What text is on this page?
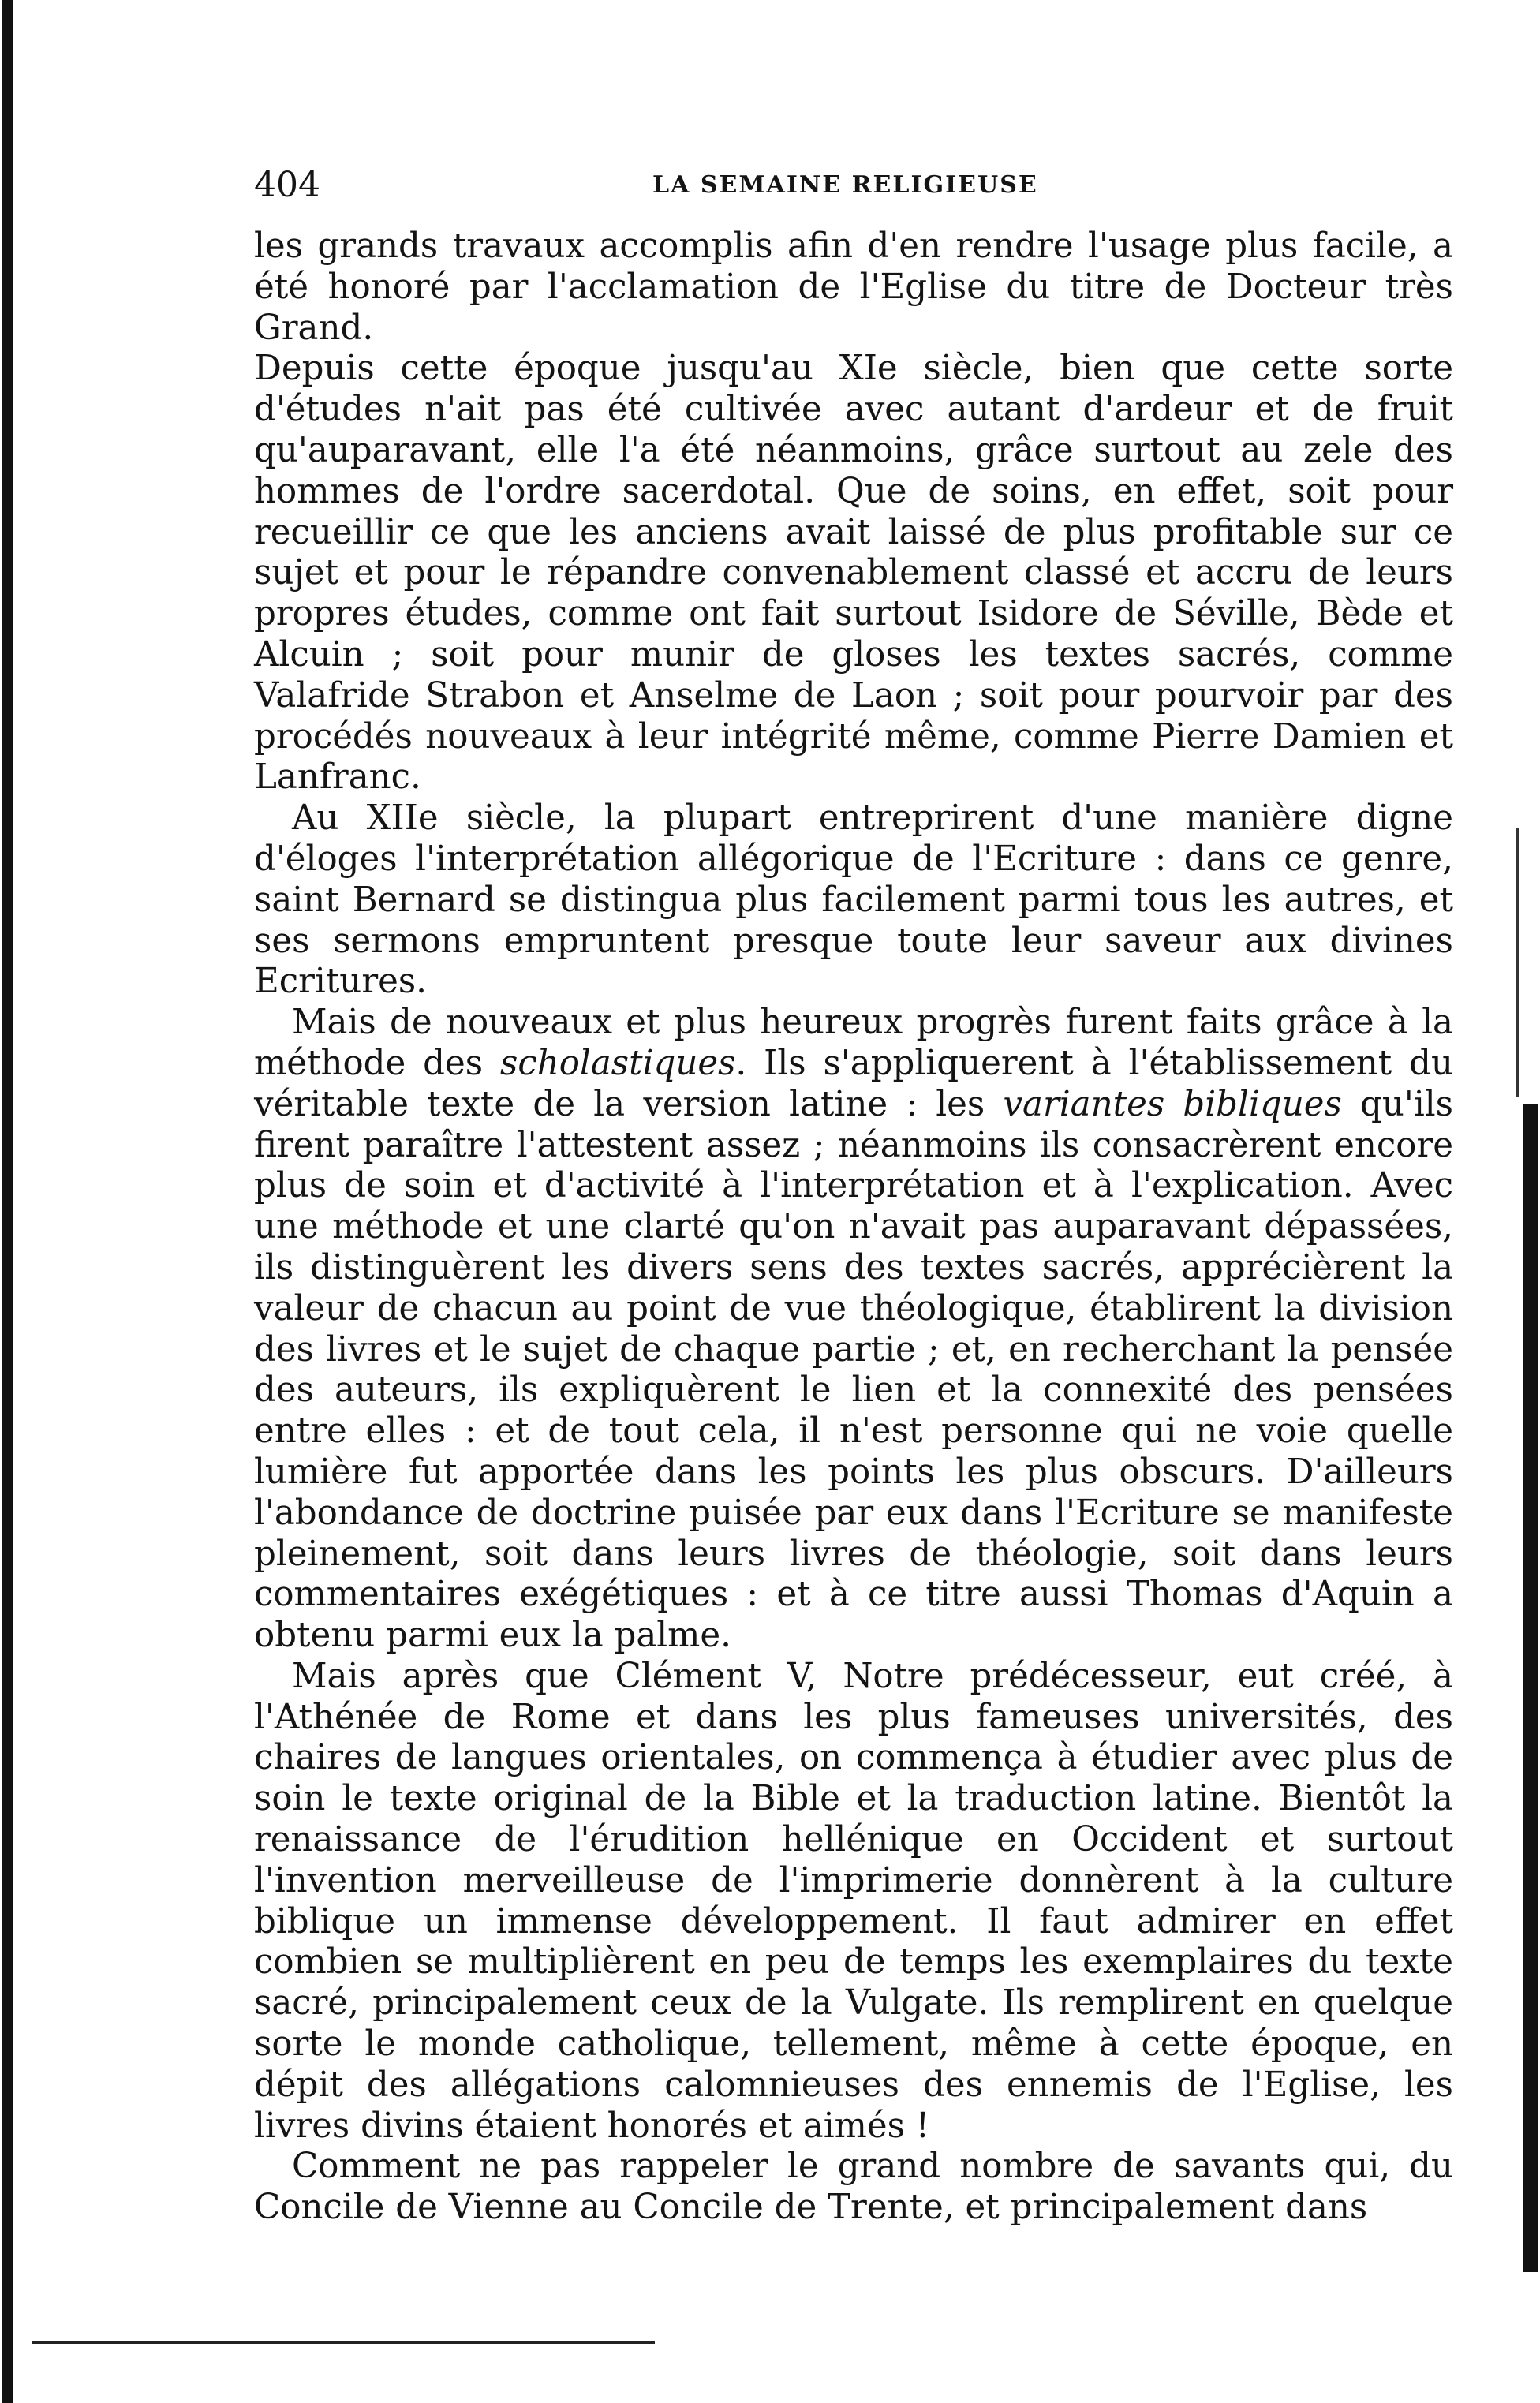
404	LA SEMAINE RELIGIEUSE

les grands travaux accomplis afin d'en rendre l'usage plus facile, a été honoré par l'acclamation de l'Eglise du titre de Docteur très Grand.

Depuis cette époque jusqu'au XIe siècle, bien que cette sorte d'études n'ait pas été cultivée avec autant d'ardeur et de fruit qu'auparavant, elle l'a été néanmoins, grâce surtout au zele des hommes de l'ordre sacerdotal. Que de soins, en effet, soit pour recueillir ce que les anciens avait laissé de plus profitable sur ce sujet et pour le répandre convenablement classé et accru de leurs propres études, comme ont fait surtout Isidore de Séville, Bède et Alcuin ; soit pour munir de gloses les textes sacrés, comme Valafride Strabon et Anselme de Laon ; soit pour pourvoir par des procédés nouveaux à leur intégrité même, comme Pierre Damien et Lanfranc.

Au XIIe siècle, la plupart entreprirent d'une manière digne d'éloges l'interprétation allégorique de l'Ecriture : dans ce genre, saint Bernard se distingua plus facilement parmi tous les autres, et ses sermons empruntent presque toute leur saveur aux divines Ecritures.

Mais de nouveaux et plus heureux progrès furent faits grâce à la méthode des scholastiques. Ils s'appliquerent à l'établissement du véritable texte de la version latine : les variantes bibliques qu'ils firent paraître l'attestent assez ; néanmoins ils consacrèrent encore plus de soin et d'activité à l'interprétation et à l'explication. Avec une méthode et une clarté qu'on n'avait pas auparavant dépassées, ils distinguèrent les divers sens des textes sacrés, apprécièrent la valeur de chacun au point de vue théologique, établirent la division des livres et le sujet de chaque partie ; et, en recherchant la pensée des auteurs, ils expliquèrent le lien et la connexité des pensées entre elles : et de tout cela, il n'est personne qui ne voie quelle lumière fut apportée dans les points les plus obscurs. D'ailleurs l'abondance de doctrine puisée par eux dans l'Ecriture se manifeste pleinement, soit dans leurs livres de théologie, soit dans leurs commentaires exégétiques : et à ce titre aussi Thomas d'Aquin a obtenu parmi eux la palme.

Mais après que Clément V, Notre prédécesseur, eut créé, à l'Athénée de Rome et dans les plus fameuses universités, des chaires de langues orientales, on commença à étudier avec plus de soin le texte original de la Bible et la traduction latine. Bientôt la renaissance de l'érudition hellénique en Occident et surtout l'invention merveilleuse de l'imprimerie donnèrent à la culture biblique un immense développement. Il faut admirer en effet combien se multiplièrent en peu de temps les exemplaires du texte sacré, principalement ceux de la Vulgate. Ils remplirent en quelque sorte le monde catholique, tellement, même à cette époque, en dépit des allégations calomnieuses des ennemis de l'Eglise, les livres divins étaient honorés et aimés !

Comment ne pas rappeler le grand nombre de savants qui, du Concile de Vienne au Concile de Trente, et principalement dans
